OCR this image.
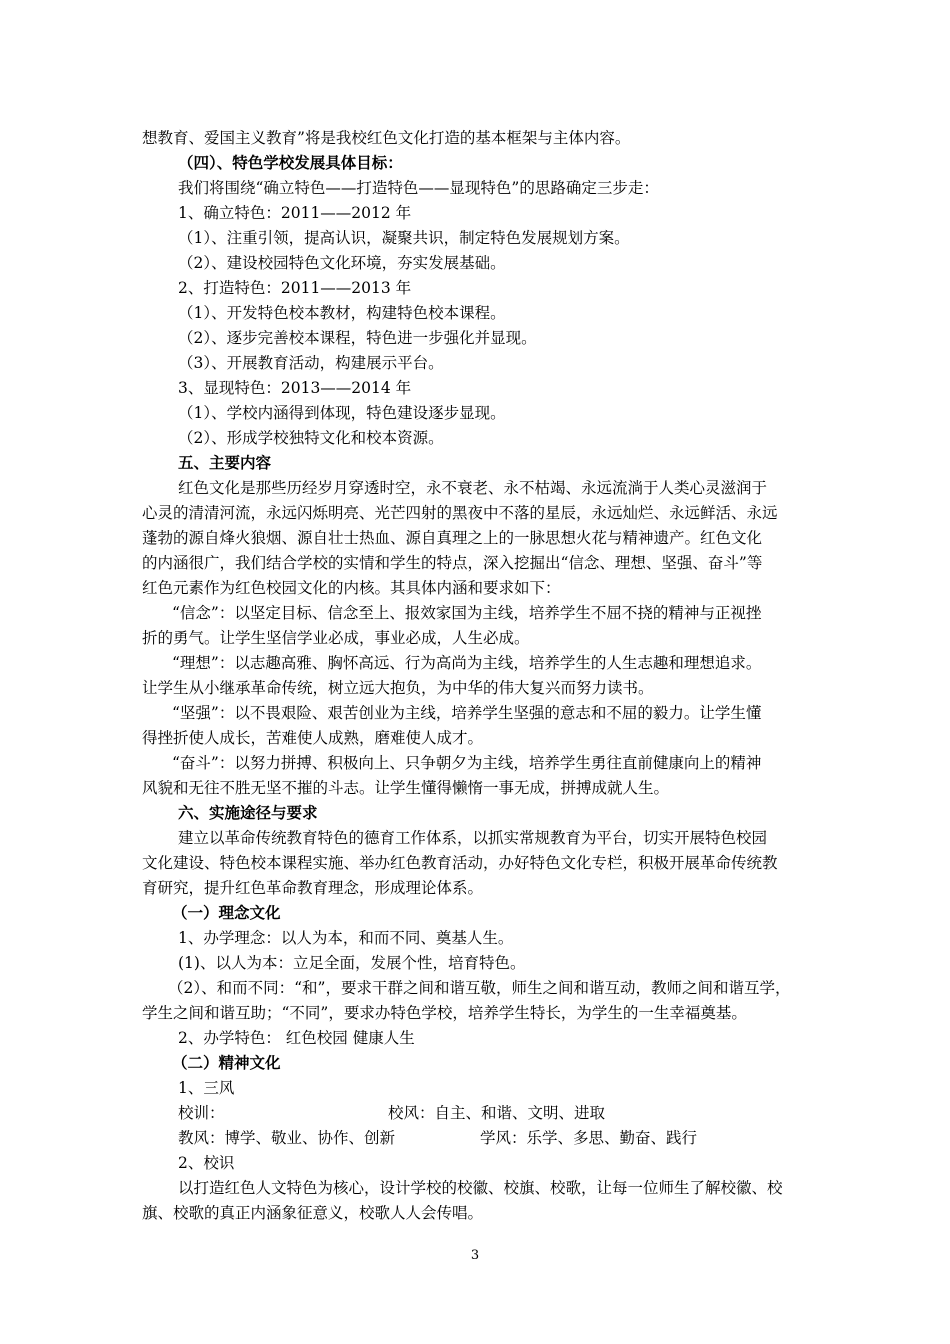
想教育、爱国主义教育”将是我校红色文化打造的基本框架与主体内容。
（四）、特色学校发展具体目标：
我们将围绕“确立特色——打造特色——显现特色”的思路确定三步走：
1、确立特色：2011——2012 年
（1）、注重引领，提高认识，凝聚共识，制定特色发展规划方案。
（2）、建设校园特色文化环境，夯实发展基础。
2、打造特色：2011——2013 年
（1）、开发特色校本教材，构建特色校本课程。
（2）、逐步完善校本课程，特色进一步强化并显现。
（3）、开展教育活动，构建展示平台。
3、显现特色：2013——2014 年
（1）、学校内涵得到体现，特色建设逐步显现。
（2）、形成学校独特文化和校本资源。
五、主要内容
红色文化是那些历经岁月穿透时空，永不衰老、永不枯竭、永远流淌于人类心灵滋润于
心灵的清清河流，永远闪烁明亮、光芒四射的黑夜中不落的星辰，永远灿烂、永远鲜活、永远
蓬勃的源自烽火狼烟、源自壮士热血、源自真理之上的一脉思想火花与精神遗产。红色文化
的内涵很广，我们结合学校的实情和学生的特点，深入挖掘出“信念、理想、坚强、奋斗”等
红色元素作为红色校园文化的内核。其具体内涵和要求如下：
“信念”：以坚定目标、信念至上、报效家国为主线，培养学生不屈不挠的精神与正视挫
折的勇气。让学生坚信学业必成，事业必成，人生必成。
“理想”：以志趣高雅、胸怀高远、行为高尚为主线，培养学生的人生志趣和理想追求。
让学生从小继承革命传统，树立远大抱负，为中华的伟大复兴而努力读书。
“坚强”：以不畏艰险、艰苦创业为主线，培养学生坚强的意志和不屈的毅力。让学生懂
得挫折使人成长，苦难使人成熟，磨难使人成才。
“奋斗”：以努力拼搏、积极向上、只争朝夕为主线，培养学生勇往直前健康向上的精神
风貌和无往不胜无坚不摧的斗志。让学生懂得懒惰一事无成，拼搏成就人生。
六、实施途径与要求
建立以革命传统教育特色的德育工作体系，以抓实常规教育为平台，切实开展特色校园
文化建设、特色校本课程实施、举办红色教育活动，办好特色文化专栏，积极开展革命传统教
育研究，提升红色革命教育理念，形成理论体系。
（一）理念文化
1、办学理念：以人为本，和而不同、奠基人生。
(1)、以人为本：立足全面，发展个性，培育特色。
（2）、和而不同：“和”，要求干群之间和谐互敬，师生之间和谐互动，教师之间和谐互学，
学生之间和谐互助；“不同”，要求办特色学校，培养学生特长，为学生的一生幸福奠基。
2、办学特色： 红色校园 健康人生
（二）精神文化
1、三风
校训：	校风：自主、和谐、文明、进取
教风：博学、敬业、协作、创新	学风：乐学、多思、勤奋、践行
2、校识
以打造红色人文特色为核心，设计学校的校徽、校旗、校歌，让每一位师生了解校徽、校
旗、校歌的真正内涵象征意义，校歌人人会传唱。
3
